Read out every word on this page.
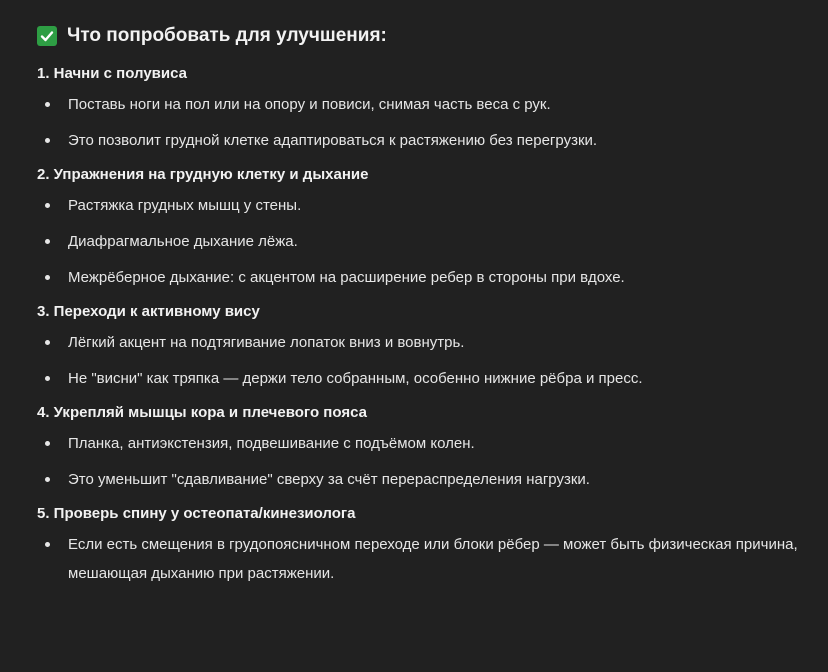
Что попробовать для улучшения:
1. Начни с полувиса
Поставь ноги на пол или на опору и повиси, снимая часть веса с рук.
Это позволит грудной клетке адаптироваться к растяжению без перегрузки.
2. Упражнения на грудную клетку и дыхание
Растяжка грудных мышц у стены.
Диафрагмальное дыхание лёжа.
Межрёберное дыхание: с акцентом на расширение ребер в стороны при вдохе.
3. Переходи к активному вису
Лёгкий акцент на подтягивание лопаток вниз и вовнутрь.
Не "висни" как тряпка — держи тело собранным, особенно нижние рёбра и пресс.
4. Укрепляй мышцы кора и плечевого пояса
Планка, антиэкстензия, подвешивание с подъёмом колен.
Это уменьшит "сдавливание" сверху за счёт перераспределения нагрузки.
5. Проверь спину у остеопата/кинезиолога
Если есть смещения в грудопоясничном переходе или блоки рёбер — может быть физическая причина, мешающая дыханию при растяжении.
